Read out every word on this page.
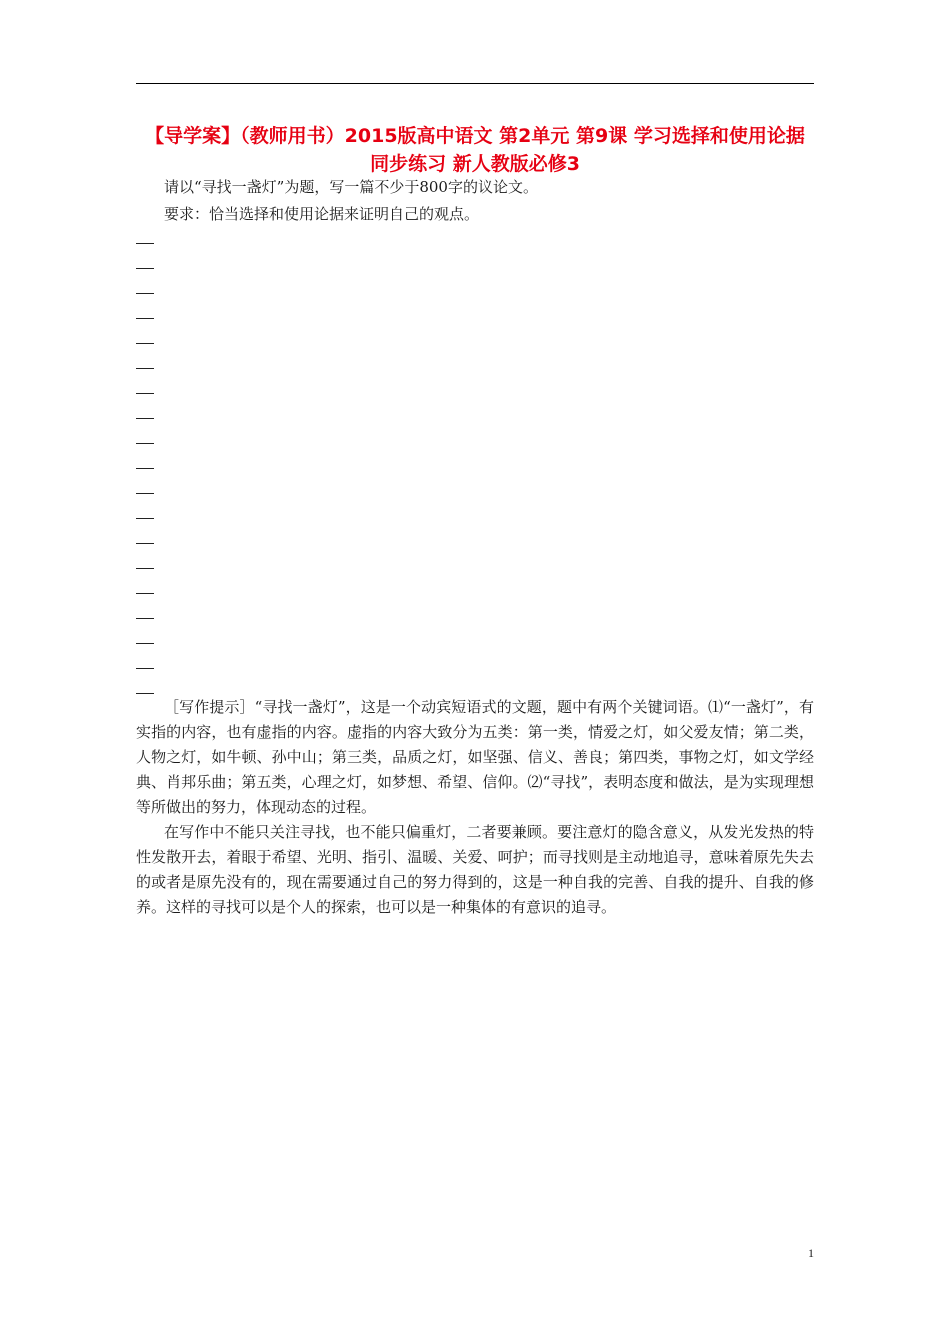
【导学案】（教师用书）2015版高中语文 第2单元 第9课 学习选择和使用论据同步练习 新人教版必修3

请以“寻找一盏灯”为题，写一篇不少于800字的议论文。

要求：恰当选择和使用论据来证明自己的观点。

［写作提示］“寻找一盏灯”，这是一个动宾短语式的文题，题中有两个关键词语。⑴“一盏灯”，有实指的内容，也有虚指的内容。虚指的内容大致分为五类：第一类，情爱之灯，如父爱友情；第二类，人物之灯，如牛顿、孙中山；第三类，品质之灯，如坚强、信义、善良；第四类，事物之灯，如文学经典、肖邦乐曲；第五类，心理之灯，如梦想、希望、信仰。⑵“寻找”，表明态度和做法，是为实现理想等所做出的努力，体现动态的过程。

在写作中不能只关注寻找，也不能只偏重灯，二者要兼顾。要注意灯的隐含意义，从发光发热的特性发散开去，着眼于希望、光明、指引、温暖、关爱、呵护；而寻找则是主动地追寻，意味着原先失去的或者是原先没有的，现在需要通过自己的努力得到的，这是一种自我的完善、自我的提升、自我的修养。这样的寻找可以是个人的探索，也可以是一种集体的有意识的追寻。

1
